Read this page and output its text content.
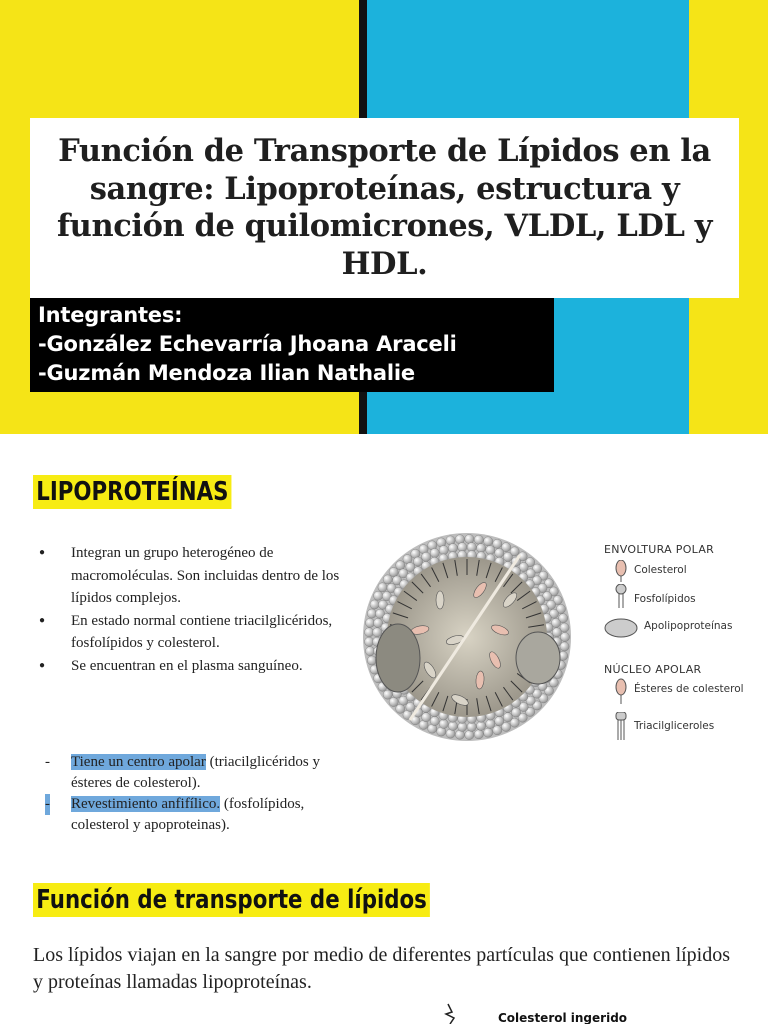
Función de Transporte de Lípidos en la sangre: Lipoproteínas, estructura y función de quilomicrones, VLDL, LDL y HDL.
Integrantes:
-González Echevarría Jhoana Araceli
-Guzmán Mendoza Ilian Nathalie
LIPOPROTEÍNAS
● Integran un grupo heterogéneo de macromoléculas. Son incluidas dentro de los lípidos complejos.
● En estado normal contiene triacilglicéridos, fosfolípidos y colesterol.
● Se encuentran en el plasma sanguíneo.
- Tiene un centro apolar (triacilglicéridos y ésteres de colesterol).
- Revestimiento anfifílico. (fosfolípidos, colesterol y apoproteinas).
ENVOLTURA POLAR
Colesterol
Fosfolípidos
Apolipoproteínas
NÚCLEO APOLAR
Ésteres de colesterol
Triacilgliceroles
Función de transporte de lípidos

Los lípidos viajan en la sangre por medio de diferentes partículas que contienen lípidos y proteínas llamadas lipoproteínas.

Colesterol ingerido
